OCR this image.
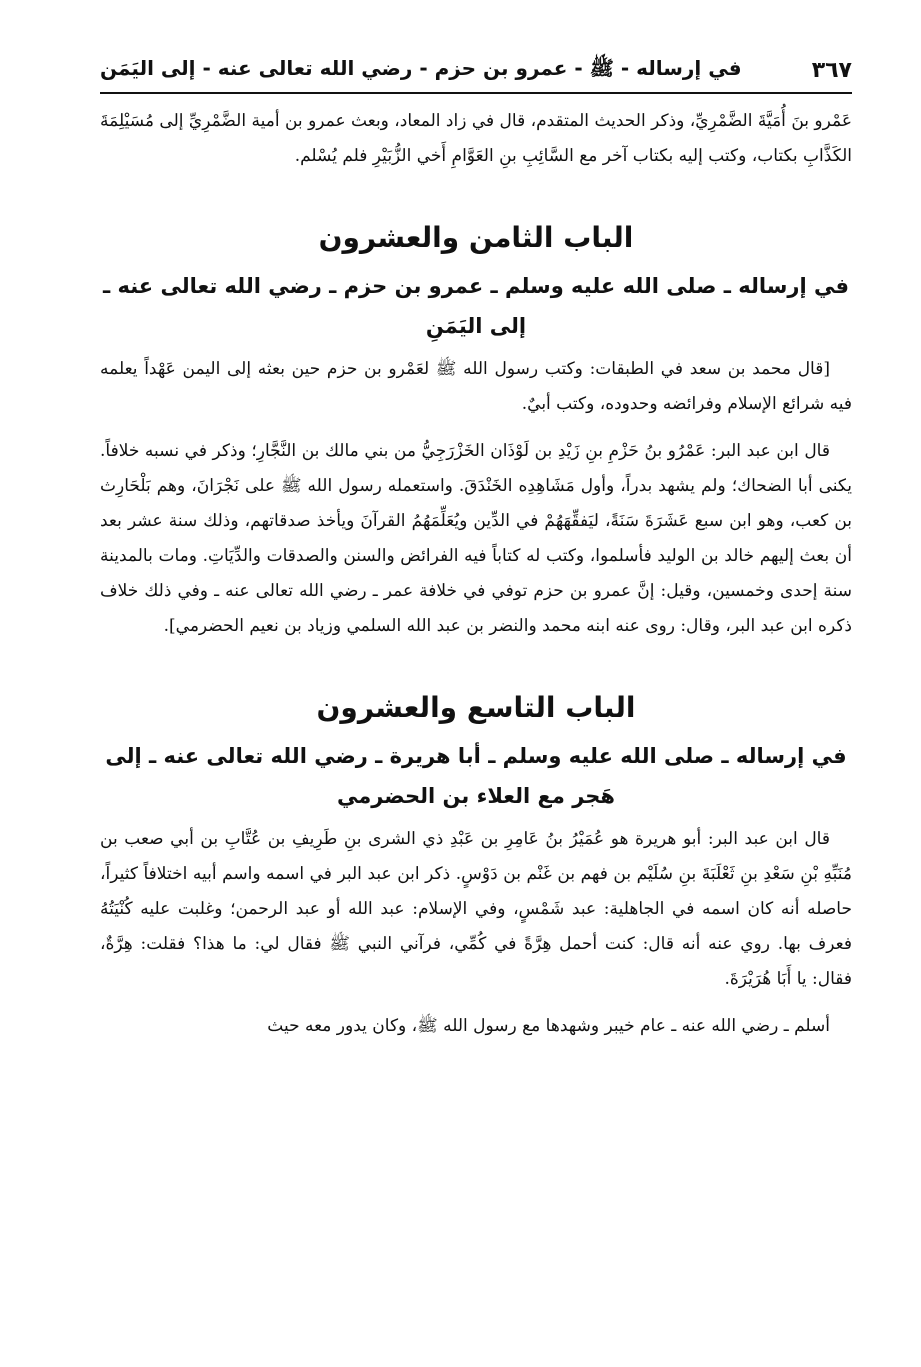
في إرساله - ﷺ - عمرو بن حزم - رضي الله تعالى عنه - إلى اليَمَن	٣٦٧

عَمْرو بنَ أُمَيَّةَ الضَّمْرِيِّ، وذكر الحديث المتقدم، قال في زاد المعاد، وبعث عمرو بن أمية الضَّمْرِيِّ إلى مُسَيْلِمَةَ الكَذَّابِ بكتاب، وكتب إليه بكتاب آخر مع السَّائِبِ بنِ العَوَّامِ أَخي الزُّبَيْرِ فلم يُسْلم.

الباب الثامن والعشرون
في إرساله ـ صلى الله عليه وسلم ـ عمرو بن حزم ـ رضي الله تعالى عنه ـ إلى اليَمَنِ

[قال محمد بن سعد في الطبقات: وكتب رسول الله ﷺ لعَمْرو بن حزم حين بعثه إلى اليمن عَهْداً يعلمه فيه شرائع الإسلام وفرائضه وحدوده، وكتب أبيٌ.

قال ابن عبد البر: عَمْرُو بنُ حَزْمِ بنِ زَيْدِ بن لَوْذَان الخَزْرَجِيُّ من بني مالك بن النَّجَّارِ؛ وذكر في نسبه خلافاً. يكنى أبا الضحاك؛ ولم يشهد بدراً، وأول مَشَاهِدِه الخَنْدَقَ. واستعمله رسول الله ﷺ على نَجْرَانَ، وهم بَلْحَارِث بن كعب، وهو ابن سبع عَشَرَةَ سَنَةً، ليَفقِّهَهُمْ في الدِّين ويُعَلِّمَهُمُ القرآنَ ويأخذ صدقاتهم، وذلك سنة عشر بعد أن بعث إليهم خالد بن الوليد فأسلموا، وكتب له كتاباً فيه الفرائض والسنن والصدقات والدِّيَاتِ. ومات بالمدينة سنة إحدى وخمسين، وقيل: إنَّ عمرو بن حزم توفي في خلافة عمر ـ رضي الله تعالى عنه ـ وفي ذلك خلاف ذكره ابن عبد البر، وقال: روى عنه ابنه محمد والنضر بن عبد الله السلمي وزياد بن نعيم الحضرمي].

الباب التاسع والعشرون
في إرساله ـ صلى الله عليه وسلم ـ أبا هريرة ـ رضي الله تعالى عنه ـ إلى هَجر مع العلاء بن الحضرمي

قال ابن عبد البر: أبو هريرة هو عُمَيْرُ بنُ عَامِرِ بن عَبْدِ ذي الشرى بنِ طَرِيفِ بن عُتَّابِ بن أبي صعب بن مُنَبِّهِ بْنِ سَعْدِ بنِ ثَعْلَبَةَ بنِ سُلَيْم بن فهم بن غَنْم بن دَوْسٍ. ذكر ابن عبد البر في اسمه واسم أبيه اختلافاً كثيراً، حاصله أنه كان اسمه في الجاهلية: عبد شَمْسٍ، وفي الإسلام: عبد الله أو عبد الرحمن؛ وغلبت عليه كُنْيَتُهُ فعرف بها. روي عنه أنه قال: كنت أحمل هِرَّةً في كُمِّي، فرآني النبي ﷺ فقال لي: ما هذا؟ فقلت: هِرَّةٌ، فقال: يا أَبَا هُرَيْرَةَ.

أسلم ـ رضي الله عنه ـ عام خيبر وشهدها مع رسول الله ﷺ، وكان يدور معه حيث
